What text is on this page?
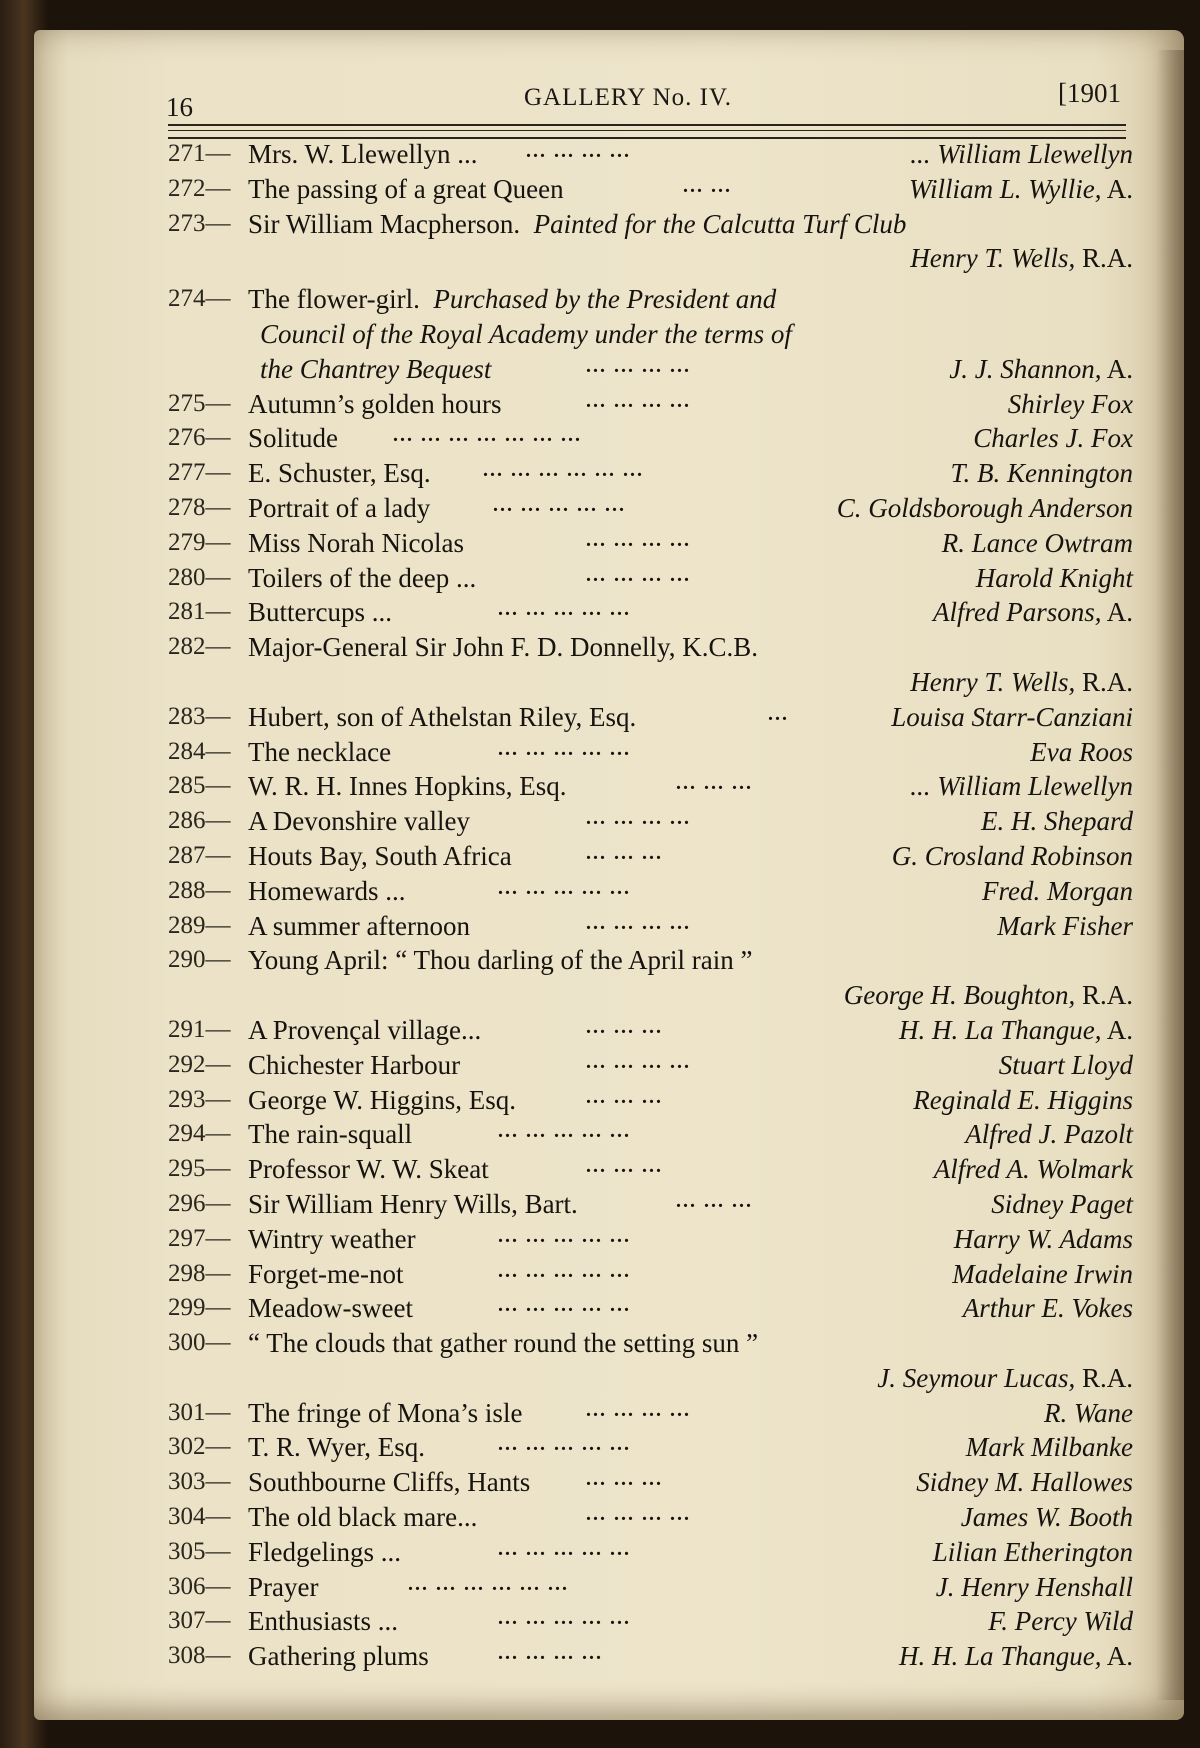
16	GALLERY No. IV.	[1901
271— Mrs. W. Llewellyn ... ... ... ... ...	... William Llewellyn
272— The passing of a great Queen	... ...	William L. Wyllie, A.
273— Sir William Macpherson. Painted for the Calcutta Turf Club
Henry T. Wells, R.A.
274— The flower-girl. Purchased by the President and
Council of the Royal Academy under the terms of
the Chantrey Bequest	... ... ... ...	J. J. Shannon, A.
275— Autumn’s golden hours	... ... ... ...	Shirley Fox
276— Solitude	... ... ... ... ... ... ...	Charles J. Fox
277— E. Schuster, Esq.	... ... ... ... ... ...	T. B. Kennington
278— Portrait of a lady	... ... ... ... ...	C. Goldsborough Anderson
279— Miss Norah Nicolas	... ... ... ...	R. Lance Owtram
280— Toilers of the deep ...	... ... ... ...	Harold Knight
281— Buttercups ...	... ... ... ... ...	Alfred Parsons, A.
282— Major-General Sir John F. D. Donnelly, K.C.B.
Henry T. Wells, R.A.
283— Hubert, son of Athelstan Riley, Esq.	...	Louisa Starr-Canziani
284— The necklace	... ... ... ... ...	Eva Roos
285— W. R. H. Innes Hopkins, Esq.	... ... ...	... William Llewellyn
286— A Devonshire valley	... ... ... ...	E. H. Shepard
287— Houts Bay, South Africa	... ... ...	G. Crosland Robinson
288— Homewards ...	... ... ... ... ...	Fred. Morgan
289— A summer afternoon	... ... ... ...	Mark Fisher
290— Young April: “ Thou darling of the April rain ”
George H. Boughton, R.A.
291— A Provençal village...	... ... ...	H. H. La Thangue, A.
292— Chichester Harbour	... ... ... ...	Stuart Lloyd
293— George W. Higgins, Esq.	... ... ...	Reginald E. Higgins
294— The rain-squall	... ... ... ... ...	Alfred J. Pazolt
295— Professor W. W. Skeat	... ... ...	Alfred A. Wolmark
296— Sir William Henry Wills, Bart.	... ... ...	Sidney Paget
297— Wintry weather	... ... ... ... ...	Harry W. Adams
298— Forget-me-not	... ... ... ... ...	Madelaine Irwin
299— Meadow-sweet	... ... ... ... ...	Arthur E. Vokes
300— “ The clouds that gather round the setting sun ”
J. Seymour Lucas, R.A.
301— The fringe of Mona’s isle	... ... ... ...	R. Wane
302— T. R. Wyer, Esq.	... ... ... ... ...	Mark Milbanke
303— Southbourne Cliffs, Hants	... ... ...	Sidney M. Hallowes
304— The old black mare...	... ... ... ...	James W. Booth
305— Fledgelings ...	... ... ... ... ...	Lilian Etherington
306— Prayer	... ... ... ... ... ...	J. Henry Henshall
307— Enthusiasts ...	... ... ... ... ...	F. Percy Wild
308— Gathering plums	... ... ... ...	H. H. La Thangue, A.
